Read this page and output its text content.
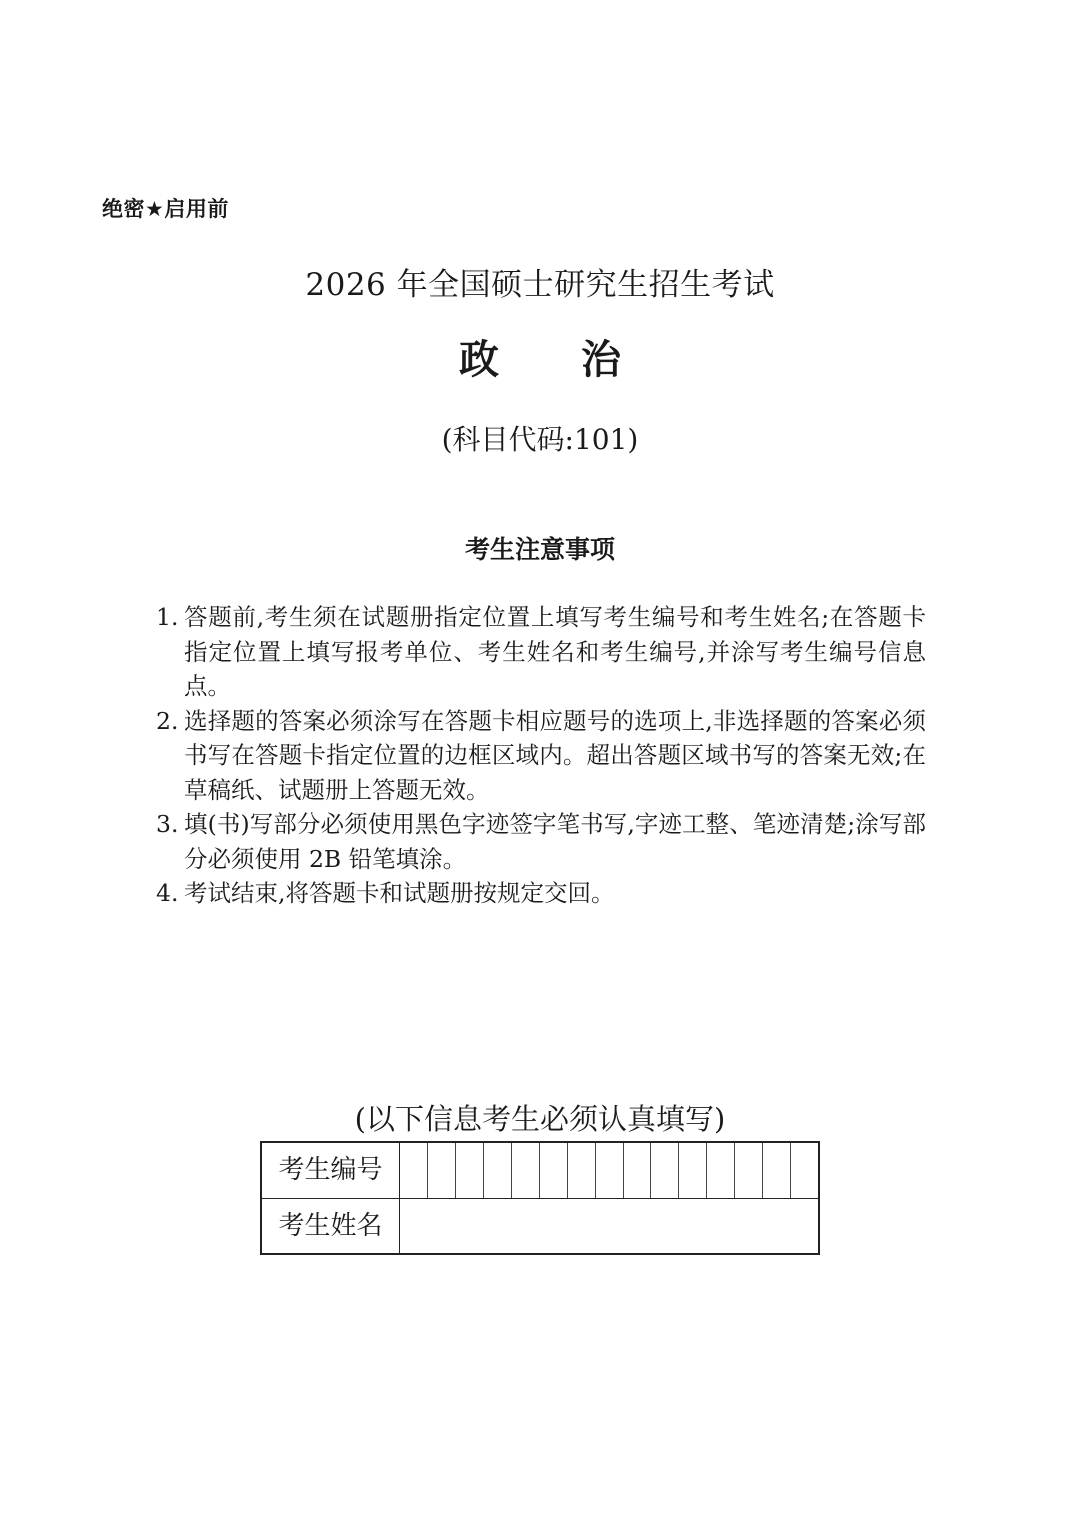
绝密★启用前
2026 年全国硕士研究生招生考试
政 治
(科目代码:101)
考生注意事项
1. 答题前,考生须在试题册指定位置上填写考生编号和考生姓名;在答题卡指定位置上填写报考单位、考生姓名和考生编号,并涂写考生编号信息点。
2. 选择题的答案必须涂写在答题卡相应题号的选项上,非选择题的答案必须书写在答题卡指定位置的边框区域内。超出答题区域书写的答案无效;在草稿纸、试题册上答题无效。
3. 填(书)写部分必须使用黑色字迹签字笔书写,字迹工整、笔迹清楚;涂写部分必须使用 2B 铅笔填涂。
4. 考试结束,将答题卡和试题册按规定交回。
(以下信息考生必须认真填写)
考生编号
考生姓名
